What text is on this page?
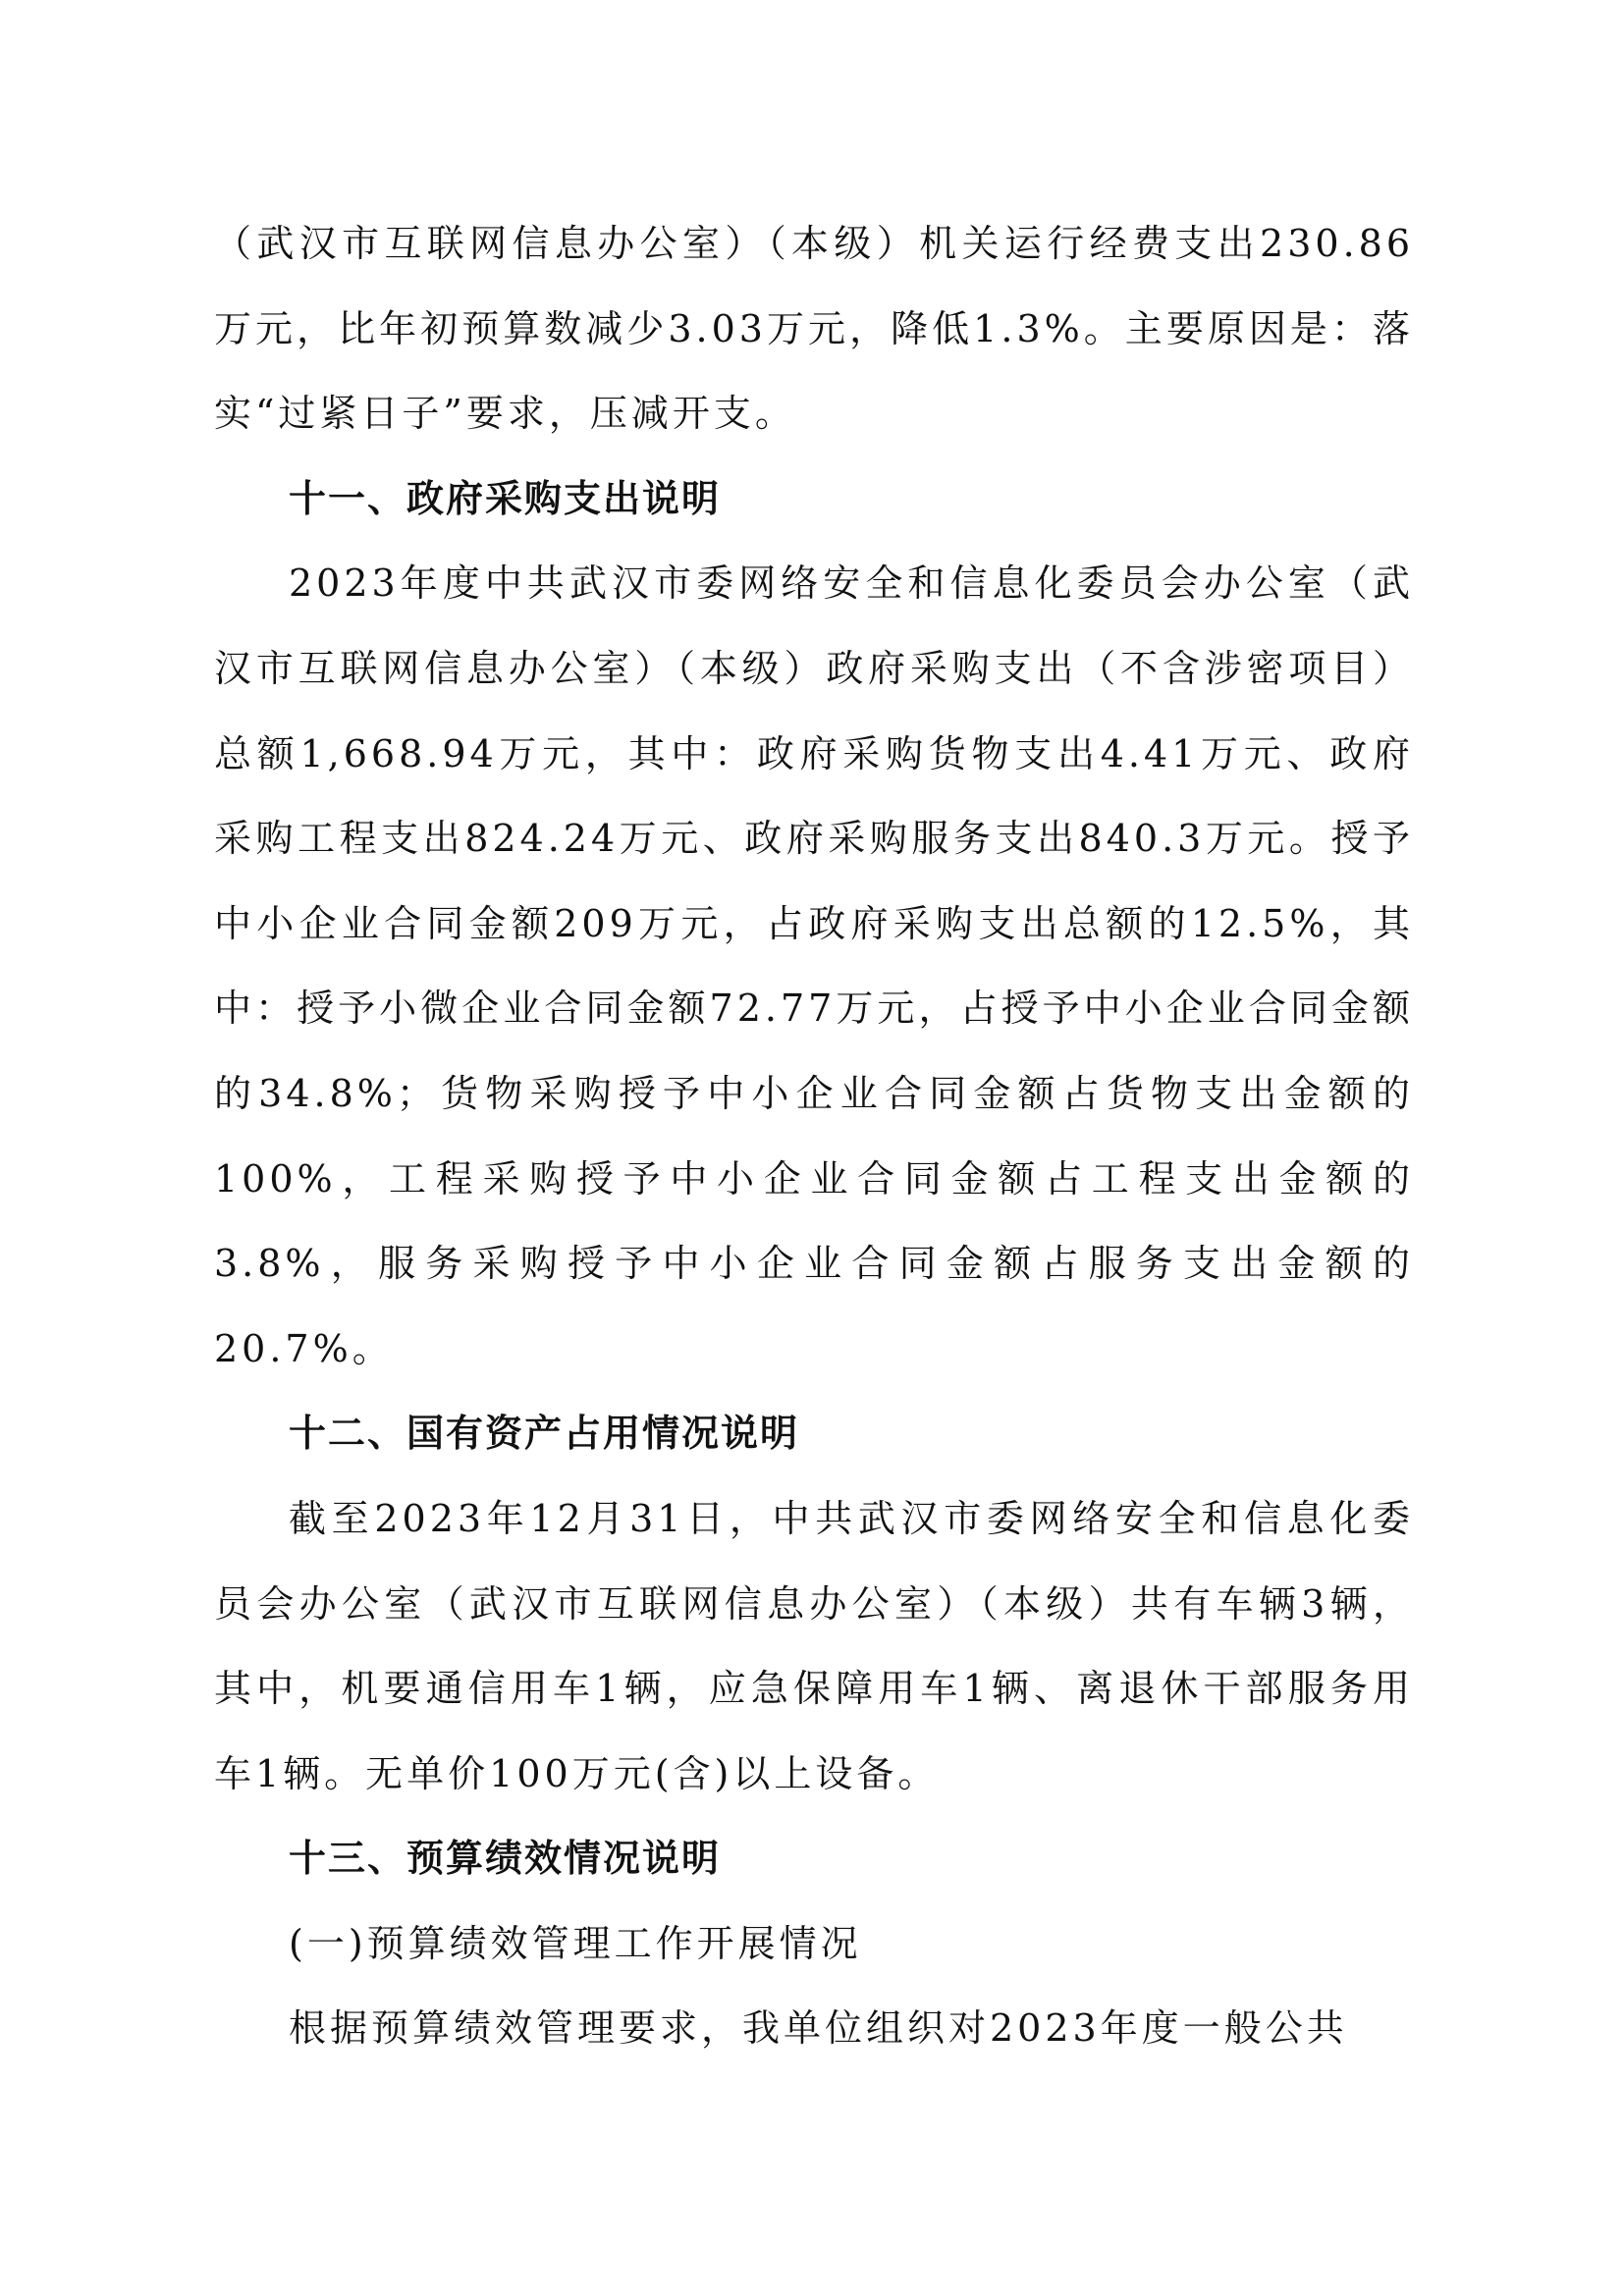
（武汉市互联网信息办公室）（本级）机关运行经费支出230.86万元，比年初预算数减少3.03万元，降低1.3%。主要原因是：落实“过紧日子”要求，压减开支。

十一、政府采购支出说明

2023年度中共武汉市委网络安全和信息化委员会办公室（武汉市互联网信息办公室）（本级）政府采购支出（不含涉密项目）总额1,668.94万元，其中：政府采购货物支出4.41万元、政府采购工程支出824.24万元、政府采购服务支出840.3万元。授予中小企业合同金额209万元，占政府采购支出总额的12.5%，其中：授予小微企业合同金额72.77万元，占授予中小企业合同金额的34.8%；货物采购授予中小企业合同金额占货物支出金额的100%，工程采购授予中小企业合同金额占工程支出金额的3.8%，服务采购授予中小企业合同金额占服务支出金额的20.7%。

十二、国有资产占用情况说明

截至2023年12月31日，中共武汉市委网络安全和信息化委员会办公室（武汉市互联网信息办公室）（本级）共有车辆3辆，其中，机要通信用车1辆，应急保障用车1辆、离退休干部服务用车1辆。无单价100万元(含)以上设备。

十三、预算绩效情况说明

(一)预算绩效管理工作开展情况

根据预算绩效管理要求，我单位组织对2023年度一般公共
